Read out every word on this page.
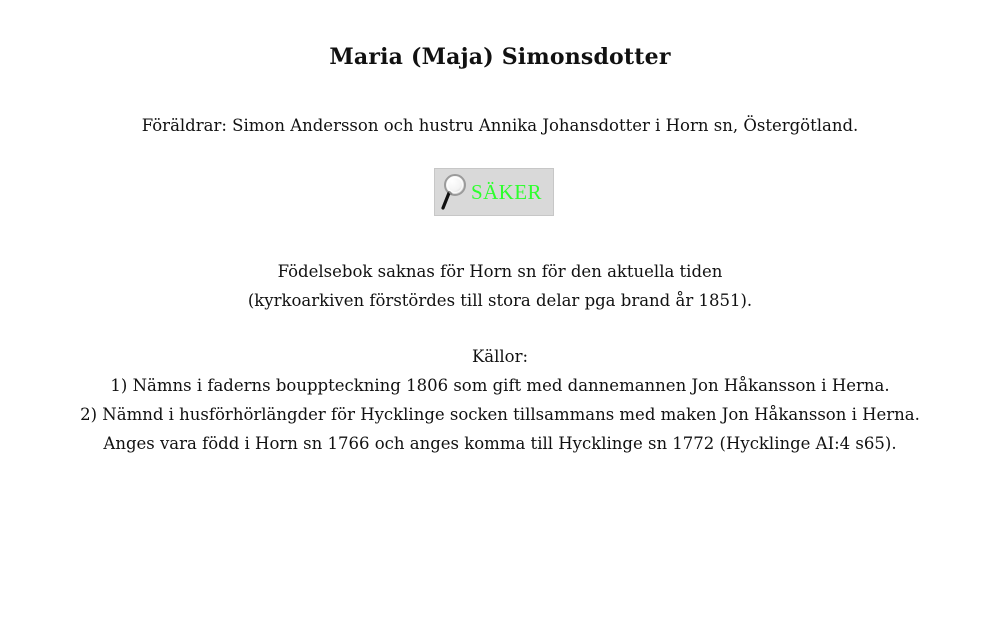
Maria (Maja) Simonsdotter
Föräldrar: Simon Andersson och hustru Annika Johansdotter i Horn sn, Östergötland.
SÄKER
Födelsebok saknas för Horn sn för den aktuella tiden
(kyrkoarkiven förstördes till stora delar pga brand år 1851).
Källor:
1) Nämns i faderns bouppteckning 1806 som gift med dannemannen Jon Håkansson i Herna.
2) Nämnd i husförhörlängder för Hycklinge socken tillsammans med maken Jon Håkansson i Herna.
Anges vara född i Horn sn 1766 och anges komma till Hycklinge sn 1772 (Hycklinge AI:4 s65).
